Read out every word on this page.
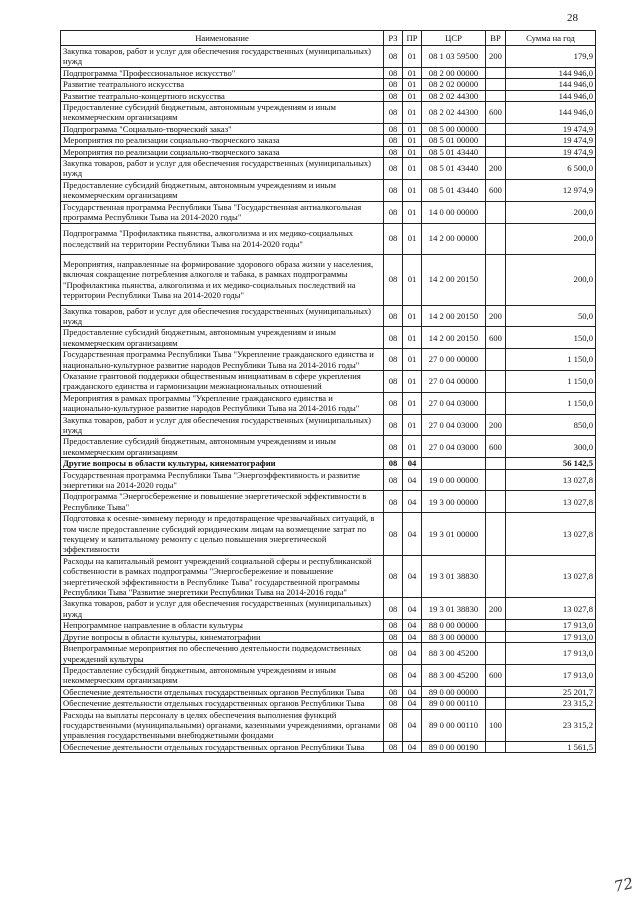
28
Наименование	РЗ	ПР	ЦСР	ВР	Сумма на год
Закупка товаров, работ и услуг для обеспечения государственных (муниципальных) нужд	08	01	08 1 03 59500	200	179,9
Подпрограмма "Профессиональное искусство"	08	01	08 2 00 00000		144 946,0
Развитие театрального искусства	08	01	08 2 02 00000		144 946,0
Развитие театрально-концертного искусства	08	01	08 2 02 44300		144 946,0
Предоставление субсидий бюджетным, автономным учреждениям и иным некоммерческим организациям	08	01	08 2 02 44300	600	144 946,0
Подпрограмма "Социально-творческий заказ"	08	01	08 5 00 00000		19 474,9
Мероприятия по реализации социально-творческого заказа	08	01	08 5 01 00000		19 474,9
Мероприятия по реализации социально-творческого заказа	08	01	08 5 01 43440		19 474,9
Закупка товаров, работ и услуг для обеспечения государственных (муниципальных) нужд	08	01	08 5 01 43440	200	6 500,0
Предоставление субсидий бюджетным, автономным учреждениям и иным некоммерческим организациям	08	01	08 5 01 43440	600	12 974,9
Государственная программа Республики Тыва "Государственная антиалкогольная программа Республики Тыва на 2014-2020 годы"	08	01	14 0 00 00000		200,0
Подпрограмма "Профилактика пьянства, алкоголизма и их медико-социальных последствий на территории Республики Тыва на 2014-2020 годы"	08	01	14 2 00 00000		200,0
Мероприятия, направленные на формирование здорового образа жизни у населения, включая сокращение потребления алкоголя и табака, в рамках подпрограммы "Профилактика пьянства, алкоголизма и их медико-социальных последствий на территории Республики Тыва на 2014-2020 годы"	08	01	14 2 00 20150		200,0
Закупка товаров, работ и услуг для обеспечения государственных (муниципальных) нужд	08	01	14 2 00 20150	200	50,0
Предоставление субсидий бюджетным, автономным учреждениям и иным некоммерческим организациям	08	01	14 2 00 20150	600	150,0
Государственная программа Республики Тыва "Укрепление гражданского единства и национально-культурное развитие народов Республики Тыва на 2014-2016 годы"	08	01	27 0 00 00000		1 150,0
Оказание грантовой поддержки общественным инициативам в сфере укрепления гражданского единства и гармонизации межнациональных отношений	08	01	27 0 04 00000		1 150,0
Мероприятия в рамках программы "Укрепление гражданского единства и национально-культурное развитие народов Республики Тыва на 2014-2016 годы"	08	01	27 0 04 03000		1 150,0
Закупка товаров, работ и услуг для обеспечения государственных (муниципальных) нужд	08	01	27 0 04 03000	200	850,0
Предоставление субсидий бюджетным, автономным учреждениям и иным некоммерческим организациям	08	01	27 0 04 03000	600	300,0
Другие вопросы в области культуры, кинематографии	08	04			56 142,5
Государственная программа Республики Тыва "Энергоэффективность и развитие энергетики на 2014-2020 годы"	08	04	19 0 00 00000		13 027,8
Подпрограмма "Энергосбережение и повышение энергетической эффективности в Республике Тыва"	08	04	19 3 00 00000		13 027,8
Подготовка к осенне-зимнему периоду и предотвращение чрезвычайных ситуаций, в том числе предоставление субсидий юридическим лицам на возмещение затрат по текущему и капитальному ремонту с целью повышения энергетической эффективности	08	04	19 3 01 00000		13 027,8
Расходы на капитальный ремонт учреждений социальной сферы и республиканской собственности в рамках подпрограммы "Энергосбережение и повышение энергетической эффективности в Республике Тыва" государственной программы Республики Тыва "Развитие энергетики Республики Тыва на 2014-2016 годы"	08	04	19 3 01 38830		13 027,8
Закупка товаров, работ и услуг для обеспечения государственных (муниципальных) нужд	08	04	19 3 01 38830	200	13 027,8
Непрограммное направление в области культуры	08	04	88 0 00 00000		17 913,0
Другие вопросы в области культуры, кинематографии	08	04	88 3 00 00000		17 913,0
Внепрограммные мероприятия по обеспечению деятельности подведомственных учреждений культуры	08	04	88 3 00 45200		17 913,0
Предоставление субсидий бюджетным, автономным учреждениям и иным некоммерческим организациям	08	04	88 3 00 45200	600	17 913,0
Обеспечение деятельности отдельных государственных органов Республики Тыва	08	04	89 0 00 00000		25 201,7
Обеспечение деятельности отдельных государственных органов Республики Тыва	08	04	89 0 00 00110		23 315,2
Расходы на выплаты персоналу в целях обеспечения выполнения функций государственными (муниципальными) органами, казенными учреждениями, органами управления государственными внебюджетными фондами	08	04	89 0 00 00110	100	23 315,2
Обеспечение деятельности отдельных государственных органов Республики Тыва	08	04	89 0 00 00190		1 561,5
72
